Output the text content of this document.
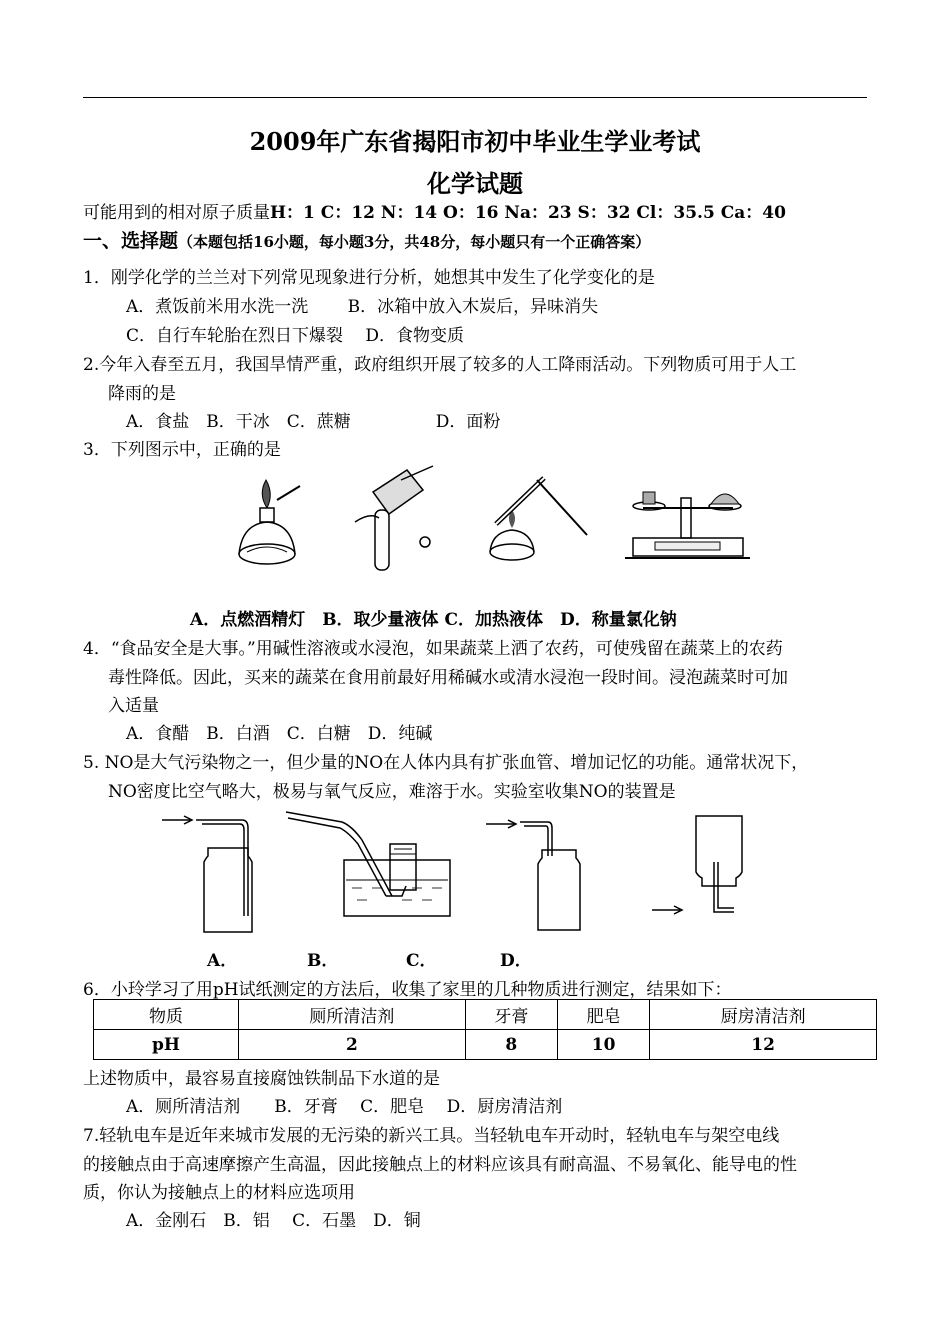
2009年广东省揭阳市初中毕业生学业考试
化学试题
可能用到的相对原子质量H：1 C：12 N：14 O：16 Na：23 S：32 Cl：35.5 Ca：40
一、选择题（本题包括16小题，每小题3分，共48分，每小题只有一个正确答案）
1．刚学化学的兰兰对下列常见现象进行分析，她想其中发生了化学变化的是
A．煮饭前米用水洗一洗　　 B．冰箱中放入木炭后，异味消失
C．自行车轮胎在烈日下爆裂　 D．食物变质
2.今年入春至五月，我国旱情严重，政府组织开展了较多的人工降雨活动。下列物质可用于人工
降雨的是
A．食盐　B．干冰　C．蔗糖　　　　　D．面粉
3．下列图示中，正确的是
A．点燃酒精灯　B．取少量液体 C．加热液体　D．称量氯化钠
4．“食品安全是大事。”用碱性溶液或水浸泡，如果蔬菜上洒了农药，可使残留在蔬菜上的农药
毒性降低。因此，买来的蔬菜在食用前最好用稀碱水或清水浸泡一段时间。浸泡蔬菜时可加
入适量
A．食醋　B．白酒　C．白糖　D．纯碱
5. NO是大气污染物之一，但少量的NO在人体内具有扩张血管、增加记忆的功能。通常状况下，
NO密度比空气略大，极易与氧气反应，难溶于水。实验室收集NO的装置是
A．	B．	C．	D．
6．小玲学习了用pH试纸测定的方法后，收集了家里的几种物质进行测定，结果如下：
物质	厕所清洁剂	牙膏	肥皂	厨房清洁剂
pH	2	8	10	12
上述物质中，最容易直接腐蚀铁制品下水道的是
A．厕所清洁剂　　B．牙膏　 C．肥皂　 D．厨房清洁剂
7.轻轨电车是近年来城市发展的无污染的新兴工具。当轻轨电车开动时，轻轨电车与架空电线
的接触点由于高速摩擦产生高温，因此接触点上的材料应该具有耐高温、不易氧化、能导电的性
质，你认为接触点上的材料应选项用
A．金刚石　B．铝　 C．石墨　D．铜
